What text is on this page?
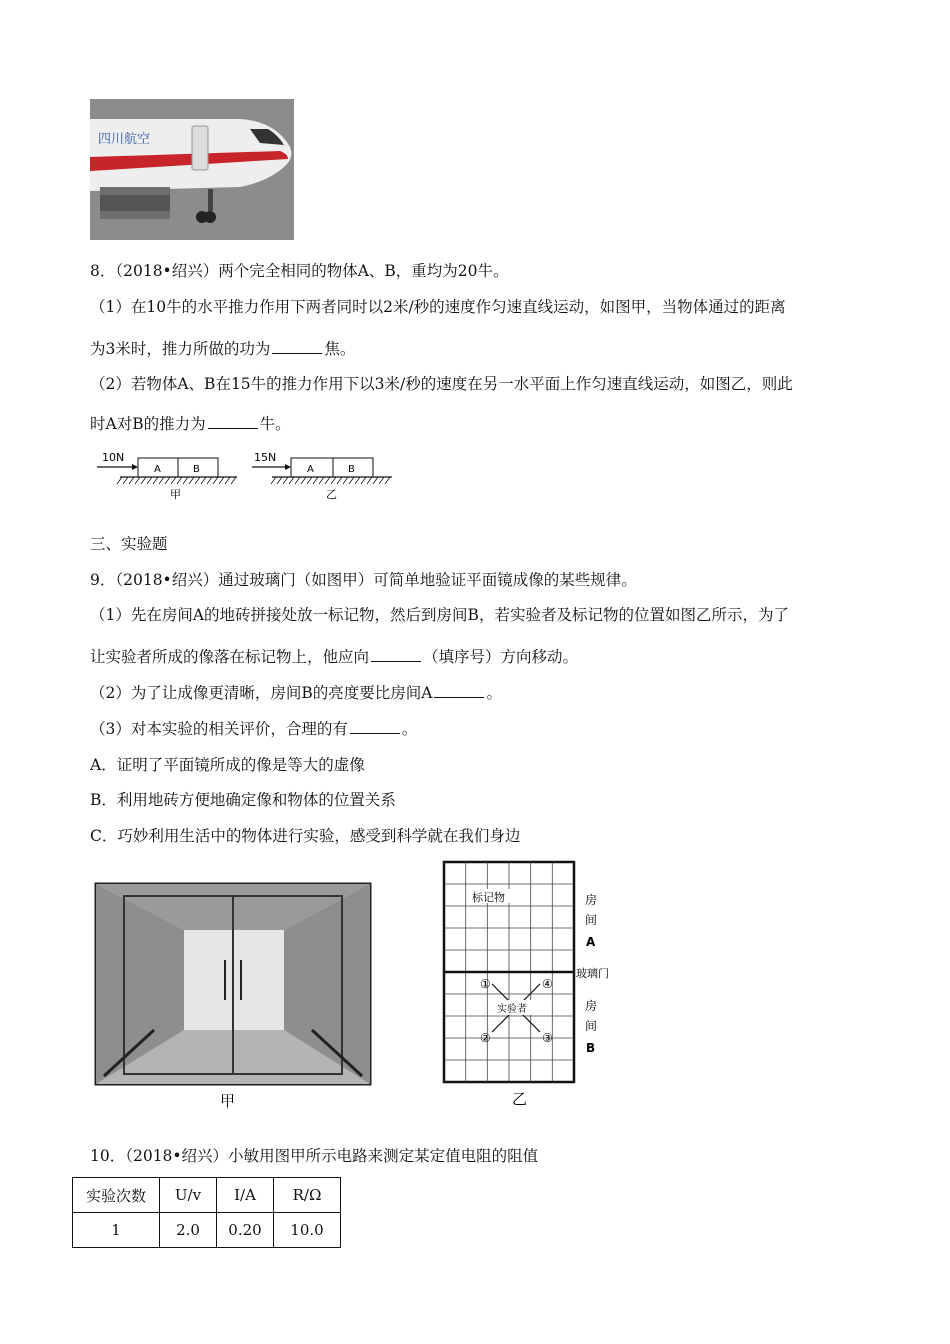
四川航空
8．（2018•绍兴）两个完全相同的物体A、B，重均为20牛。
（1）在10牛的水平推力作用下两者同时以2米/秒的速度作匀速直线运动，如图甲，当物体通过的距离
为3米时，推力所做的功为	焦。
（2）若物体A、B在15牛的推力作用下以3米/秒的速度在另一水平面上作匀速直线运动，如图乙，则此
时A对B的推力为	牛。
10N
A	B
甲
15N
A	B
乙
三、实验题
9．（2018•绍兴）通过玻璃门（如图甲）可简单地验证平面镜成像的某些规律。
（1）先在房间A的地砖拼接处放一标记物，然后到房间B，若实验者及标记物的位置如图乙所示，为了
让实验者所成的像落在标记物上，他应向	（填序号）方向移动。
（2）为了让成像更清晰，房间B的亮度要比房间A	。
（3）对本实验的相关评价，合理的有	。
A．证明了平面镜所成的像是等大的虚像
B．利用地砖方便地确定像和物体的位置关系
C．巧妙利用生活中的物体进行实验，感受到科学就在我们身边
甲
标记物	房
间
A
玻璃门
房
间
B
实验者
①	④
②	③
乙
10．（2018•绍兴）小敏用图甲所示电路来测定某定值电阻的阻值
实验次数	U/v	I/A	R/Ω
1	2.0	0.20	10.0
